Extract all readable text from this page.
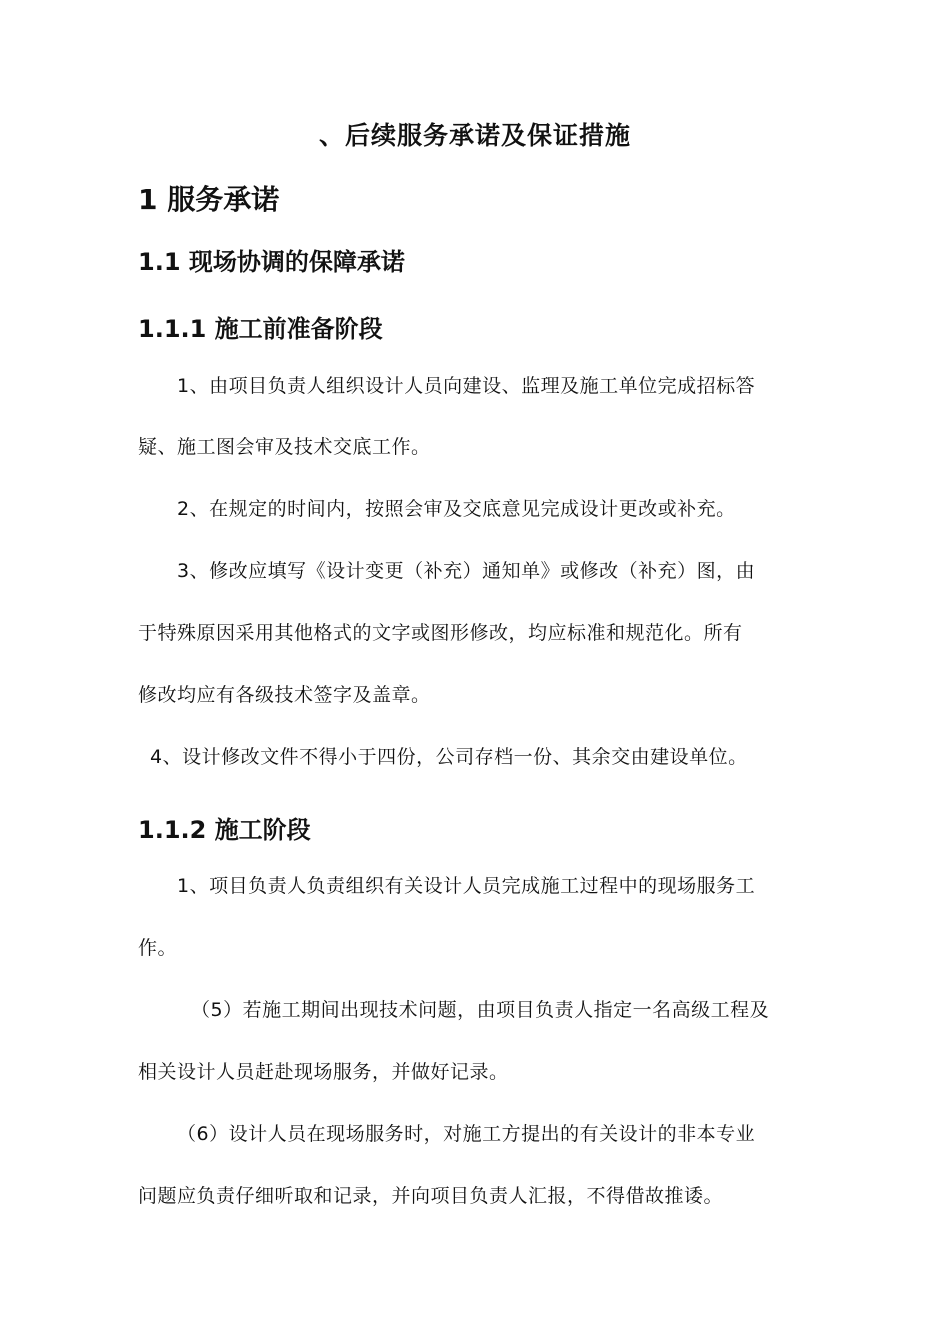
、后续服务承诺及保证措施
1 服务承诺
1.1 现场协调的保障承诺
1.1.1 施工前准备阶段

1、由项目负责人组织设计人员向建设、监理及施工单位完成招标答

疑、施工图会审及技术交底工作。

2、在规定的时间内，按照会审及交底意见完成设计更改或补充。

3、修改应填写《设计变更（补充）通知单》或修改（补充）图，由

于特殊原因采用其他格式的文字或图形修改，均应标准和规范化。所有

修改均应有各级技术签字及盖章。

4、设计修改文件不得小于四份，公司存档一份、其余交由建设单位。

1.1.2 施工阶段

1、项目负责人负责组织有关设计人员完成施工过程中的现场服务工

作。

（5）若施工期间出现技术问题，由项目负责人指定一名高级工程及

相关设计人员赶赴现场服务，并做好记录。

（6）设计人员在现场服务时，对施工方提出的有关设计的非本专业

问题应负责仔细听取和记录，并向项目负责人汇报，不得借故推诿。
